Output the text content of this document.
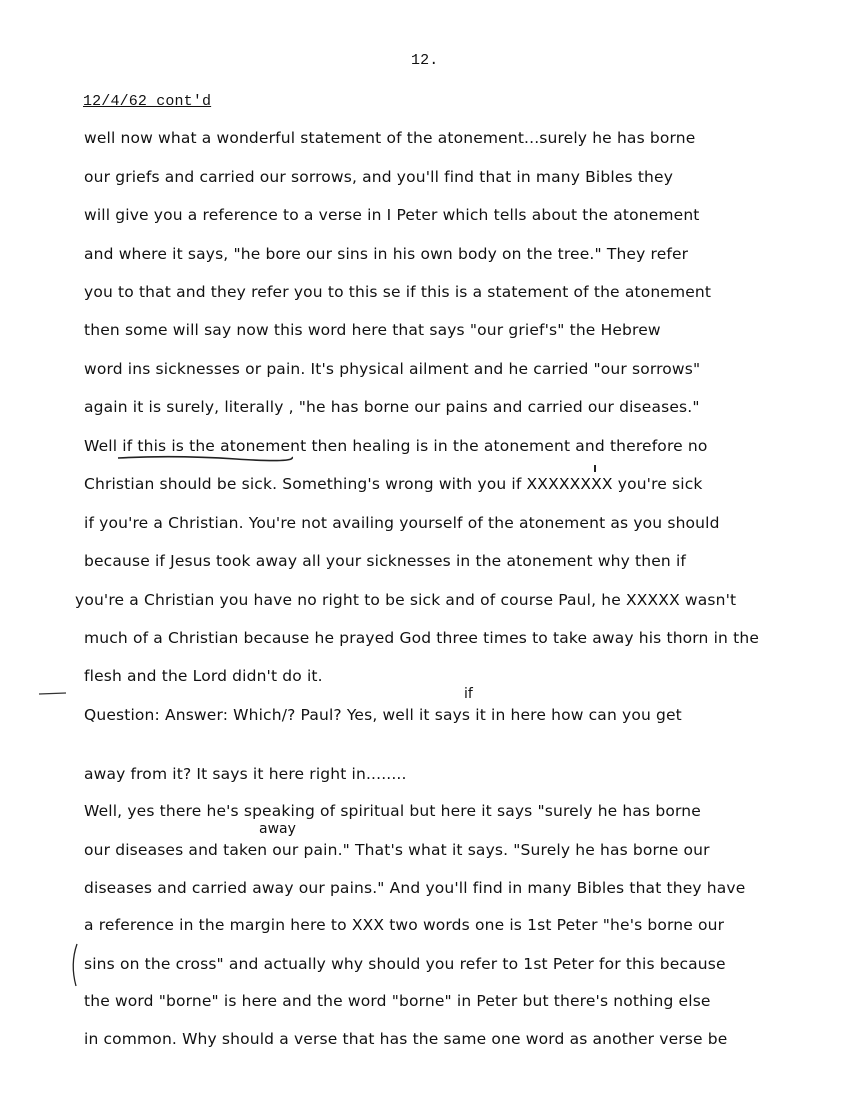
12.
12/4/62 cont'd
well now what a wonderful statement of the atonement...surely he has borne
our griefs and carried our sorrows, and you'll find that in many Bibles they
will give you a reference to a verse in I Peter which tells about the atonement
and where it says, "he bore our sins in his own body on the tree." They refer
you to that and they refer you to this se if this is a statement of the atonement
then some will say now this word here that says "our grief's" the Hebrew
word ins sicknesses or pain. It's physical ailment and he carried "our sorrows"
again it is surely, literally , "he has borne our pains and carried our diseases."
Well if this is the atonement then healing is in the atonement and therefore no
Christian should be sick. Something's wrong with you if XXXXXXXX you're sick
if you're a Christian. You're not availing yourself of the atonement as you should
because if Jesus took away all your sicknesses in the atonement why then if
you're a Christian you have no right to be sick and of course Paul, he XXXXX wasn't
much of a Christian because he prayed God three times to take away his thorn in the
flesh and the Lord didn't do it.
if
Question: Answer: Which/? Paul? Yes, well it says it in here how can you get
away from it? It says it here right in........
Well, yes there he's speaking of spiritual but here it says "surely he has borne
away
our diseases and taken our pain." That's what it says. "Surely he has borne our
diseases and carried away our pains." And you'll find in many Bibles that they have
a reference in the margin here to XXX two words one is 1st Peter "he's borne our
sins on the cross" and actually why should you refer to 1st Peter for this because
the word "borne" is here and the word "borne" in Peter but there's nothing else
in common. Why should a verse that has the same one word as another verse be
